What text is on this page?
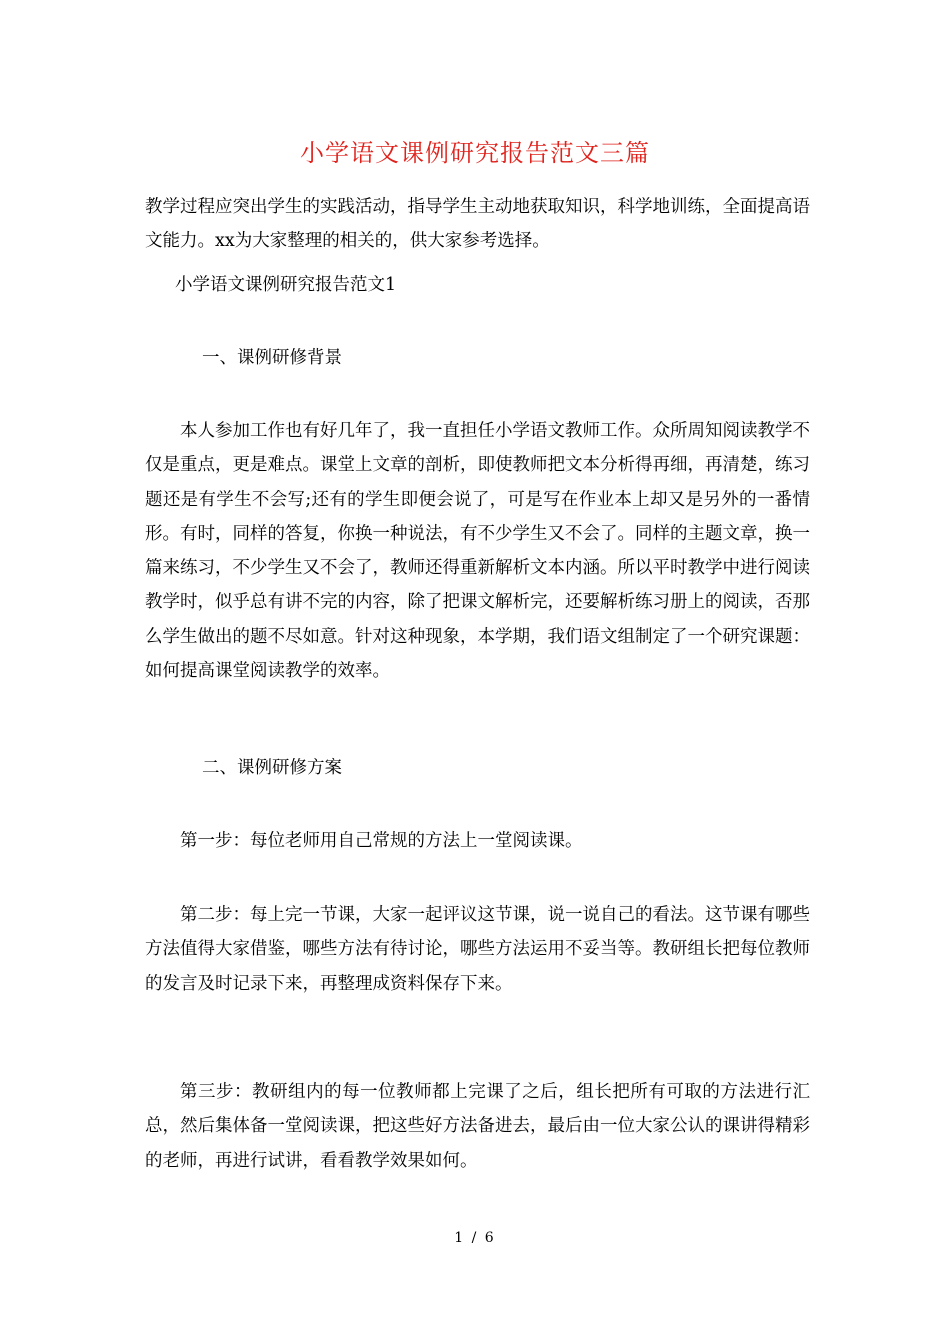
小学语文课例研究报告范文三篇

教学过程应突出学生的实践活动，指导学生主动地获取知识，科学地训练，全面提高语文能力。xx为大家整理的相关的，供大家参考选择。

小学语文课例研究报告范文1

一、课例研修背景

本人参加工作也有好几年了，我一直担任小学语文教师工作。众所周知阅读教学不仅是重点，更是难点。课堂上文章的剖析，即使教师把文本分析得再细，再清楚，练习题还是有学生不会写;还有的学生即便会说了，可是写在作业本上却又是另外的一番情形。有时，同样的答复，你换一种说法，有不少学生又不会了。同样的主题文章，换一篇来练习，不少学生又不会了，教师还得重新解析文本内涵。所以平时教学中进行阅读教学时，似乎总有讲不完的内容，除了把课文解析完，还要解析练习册上的阅读，否那么学生做出的题不尽如意。针对这种现象，本学期，我们语文组制定了一个研究课题：如何提高课堂阅读教学的效率。

二、课例研修方案

第一步：每位老师用自己常规的方法上一堂阅读课。

第二步：每上完一节课，大家一起评议这节课，说一说自己的看法。这节课有哪些方法值得大家借鉴，哪些方法有待讨论，哪些方法运用不妥当等。教研组长把每位教师的发言及时记录下来，再整理成资料保存下来。

第三步：教研组内的每一位教师都上完课了之后，组长把所有可取的方法进行汇总，然后集体备一堂阅读课，把这些好方法备进去，最后由一位大家公认的课讲得精彩的老师，再进行试讲，看看教学效果如何。

1 / 6
